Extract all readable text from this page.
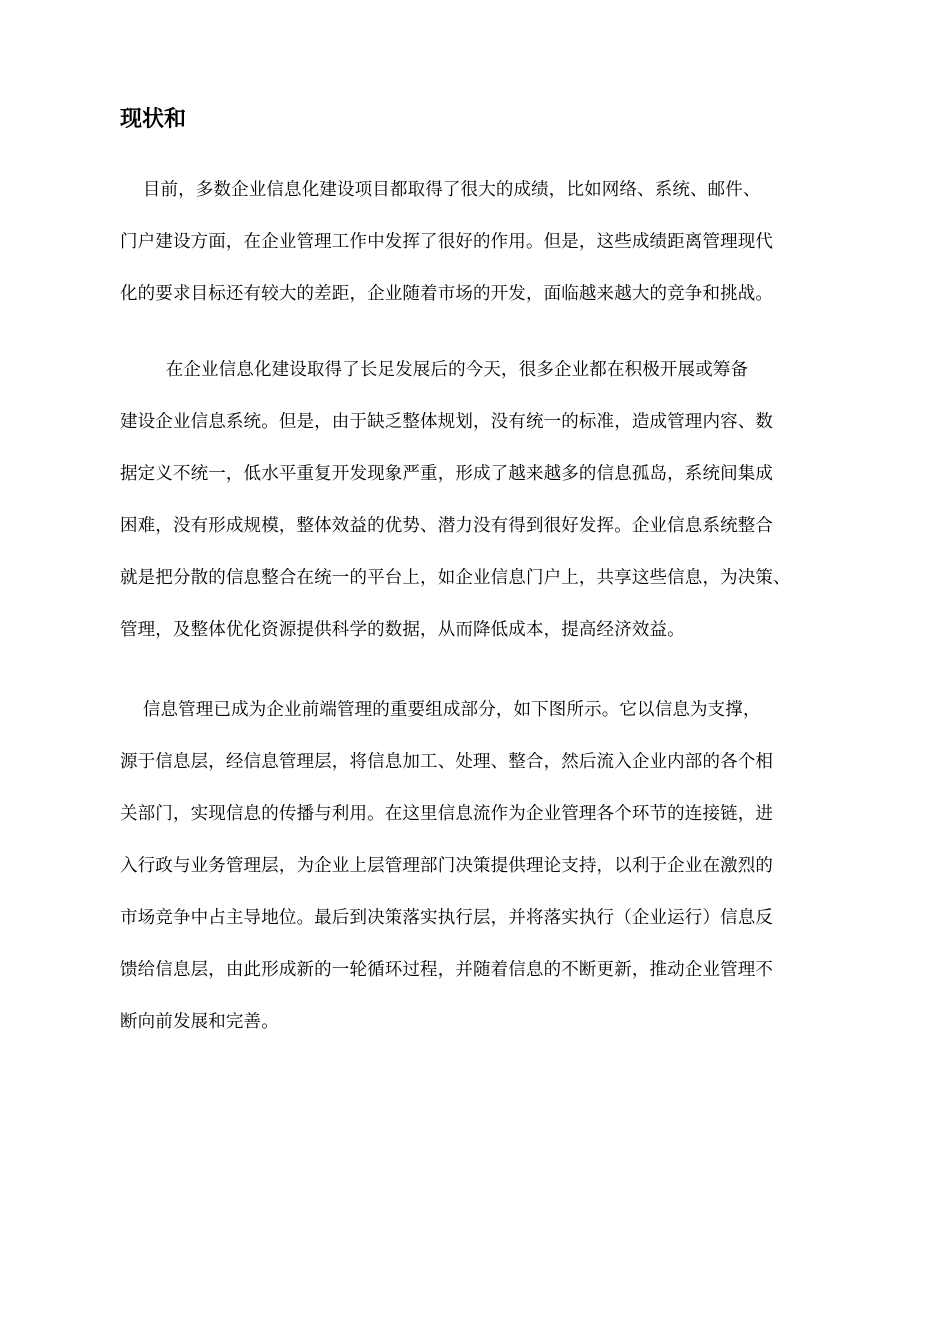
现状和
目前，多数企业信息化建设项目都取得了很大的成绩，比如网络、系统、邮件、
门户建设方面，在企业管理工作中发挥了很好的作用。但是，这些成绩距离管理现代
化的要求目标还有较大的差距，企业随着市场的开发，面临越来越大的竞争和挑战。
在企业信息化建设取得了长足发展后的今天，很多企业都在积极开展或筹备
建设企业信息系统。但是，由于缺乏整体规划，没有统一的标准，造成管理内容、数
据定义不统一，低水平重复开发现象严重，形成了越来越多的信息孤岛，系统间集成
困难，没有形成规模，整体效益的优势、潜力没有得到很好发挥。企业信息系统整合
就是把分散的信息整合在统一的平台上，如企业信息门户上，共享这些信息，为决策、
管理，及整体优化资源提供科学的数据，从而降低成本，提高经济效益。
信息管理已成为企业前端管理的重要组成部分，如下图所示。它以信息为支撑，
源于信息层，经信息管理层，将信息加工、处理、整合，然后流入企业内部的各个相
关部门，实现信息的传播与利用。在这里信息流作为企业管理各个环节的连接链，进
入行政与业务管理层，为企业上层管理部门决策提供理论支持，以利于企业在激烈的
市场竞争中占主导地位。最后到决策落实执行层，并将落实执行（企业运行）信息反
馈给信息层，由此形成新的一轮循环过程，并随着信息的不断更新，推动企业管理不
断向前发展和完善。
